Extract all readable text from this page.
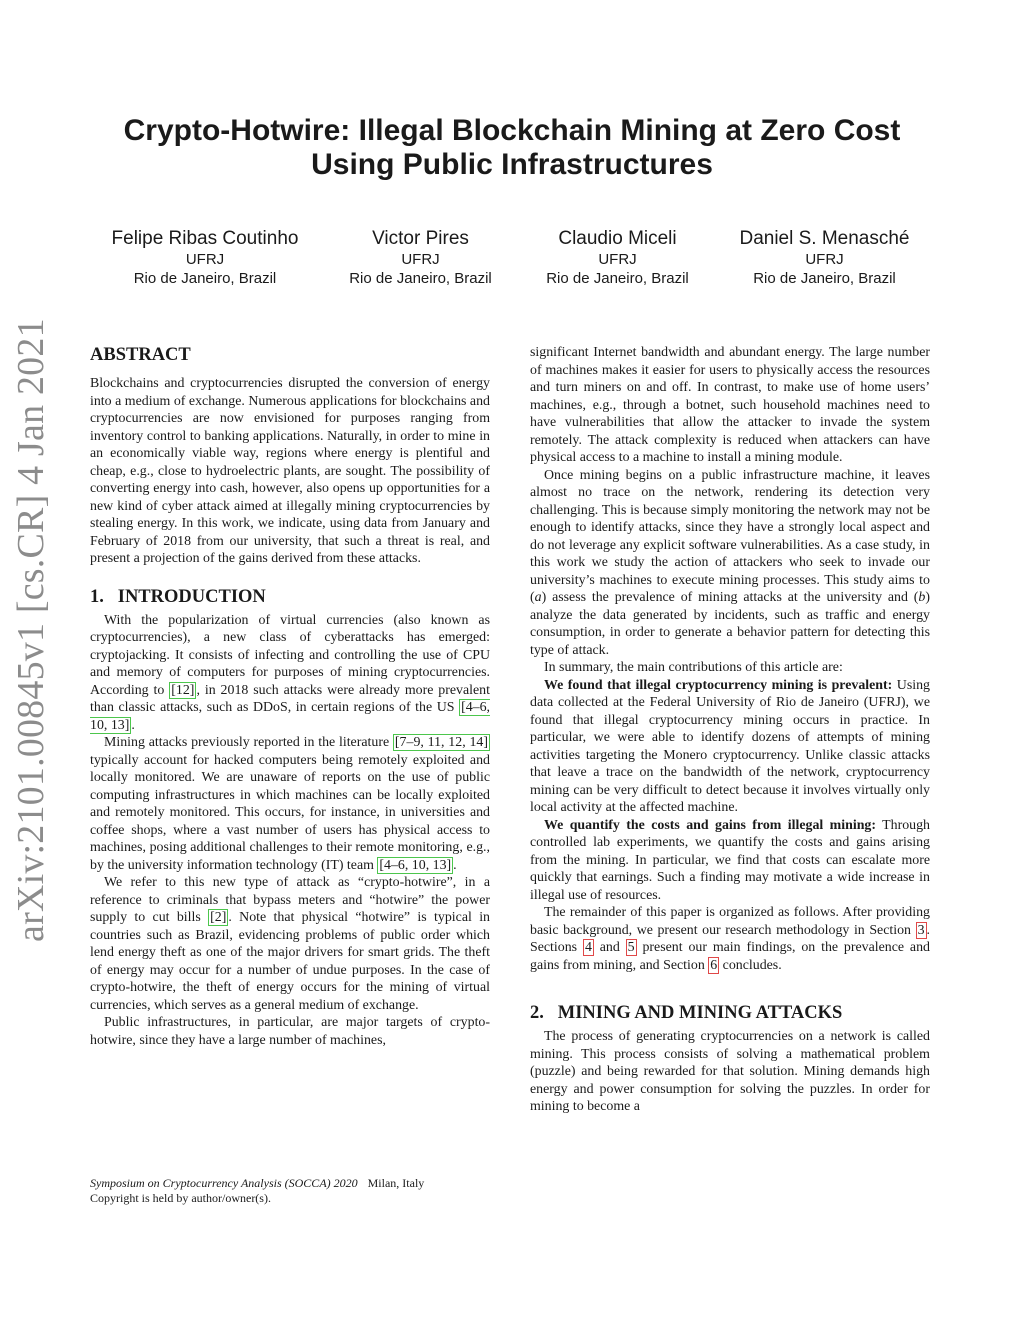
arXiv:2101.00845v1 [cs.CR] 4 Jan 2021
Crypto-Hotwire: Illegal Blockchain Mining at Zero Cost
Using Public Infrastructures
Felipe Ribas Coutinho
UFRJ
Rio de Janeiro, Brazil
Victor Pires
UFRJ
Rio de Janeiro, Brazil
Claudio Miceli
UFRJ
Rio de Janeiro, Brazil
Daniel S. Menasché
UFRJ
Rio de Janeiro, Brazil
ABSTRACT

Blockchains and cryptocurrencies disrupted the conversion of energy into a medium of exchange. Numerous applications for blockchains and cryptocurrencies are now envisioned for purposes ranging from inventory control to banking applications. Naturally, in order to mine in an economically viable way, regions where energy is plentiful and cheap, e.g., close to hydroelectric plants, are sought. The possibility of converting energy into cash, however, also opens up opportunities for a new kind of cyber attack aimed at illegally mining cryptocurrencies by stealing energy. In this work, we indicate, using data from January and February of 2018 from our university, that such a threat is real, and present a projection of the gains derived from these attacks.

1.   INTRODUCTION

With the popularization of virtual currencies (also known as cryptocurrencies), a new class of cyberattacks has emerged: cryptojacking. It consists of infecting and controlling the use of CPU and memory of computers for purposes of mining cryptocurrencies. According to [12] , in 2018 such attacks were already more prevalent than classic attacks, such as DDoS, in certain regions of the US [4–6, 10, 13] .

Mining attacks previously reported in the literature [7–9, 11, 12, 14] typically account for hacked computers being remotely exploited and locally monitored. We are unaware of reports on the use of public computing infrastructures in which machines can be locally exploited and remotely monitored. This occurs, for instance, in universities and coffee shops, where a vast number of users has physical access to machines, posing additional challenges to their remote monitoring, e.g., by the university information technology (IT) team [4–6, 10, 13] .

We refer to this new type of attack as “crypto-hotwire”, in a reference to criminals that bypass meters and “hotwire” the power supply to cut bills [2] . Note that physical “hotwire” is typical in countries such as Brazil, evidencing problems of public order which lend energy theft as one of the major drivers for smart grids. The theft of energy may occur for a number of undue purposes. In the case of crypto-hotwire, the theft of energy occurs for the mining of virtual currencies, which serves as a general medium of exchange.

Public infrastructures, in particular, are major targets of crypto-hotwire, since they have a large number of machines,

Symposium on Cryptocurrency Analysis (SOCCA) 2020 Milan, Italy
Copyright is held by author/owner(s).

significant Internet bandwidth and abundant energy. The large number of machines makes it easier for users to physically access the resources and turn miners on and off. In contrast, to make use of home users’ machines, e.g., through a botnet, such household machines need to have vulnerabilities that allow the attacker to invade the system remotely. The attack complexity is reduced when attackers can have physical access to a machine to install a mining module.

Once mining begins on a public infrastructure machine, it leaves almost no trace on the network, rendering its detection very challenging. This is because simply monitoring the network may not be enough to identify attacks, since they have a strongly local aspect and do not leverage any explicit software vulnerabilities. As a case study, in this work we study the action of attackers who seek to invade our university’s machines to execute mining processes. This study aims to (a) assess the prevalence of mining attacks at the university and (b) analyze the data generated by incidents, such as traffic and energy consumption, in order to generate a behavior pattern for detecting this type of attack.

In summary, the main contributions of this article are:

We found that illegal cryptocurrency mining is prevalent: Using data collected at the Federal University of Rio de Janeiro (UFRJ), we found that illegal cryptocurrency mining occurs in practice. In particular, we were able to identify dozens of attempts of mining activities targeting the Monero cryptocurrency. Unlike classic attacks that leave a trace on the bandwidth of the network, cryptocurrency mining can be very difficult to detect because it involves virtually only local activity at the affected machine.

We quantify the costs and gains from illegal mining: Through controlled lab experiments, we quantify the costs and gains arising from the mining. In particular, we find that costs can escalate more quickly that earnings. Such a finding may motivate a wide increase in illegal use of resources.

The remainder of this paper is organized as follows. After providing basic background, we present our research methodology in Section 3 . Sections 4 and 5 present our main findings, on the prevalence and gains from mining, and Section 6 concludes.

2.   MINING AND MINING ATTACKS

The process of generating cryptocurrencies on a network is called mining. This process consists of solving a mathematical problem (puzzle) and being rewarded for that solution. Mining demands high energy and power consumption for solving the puzzles. In order for mining to become a
